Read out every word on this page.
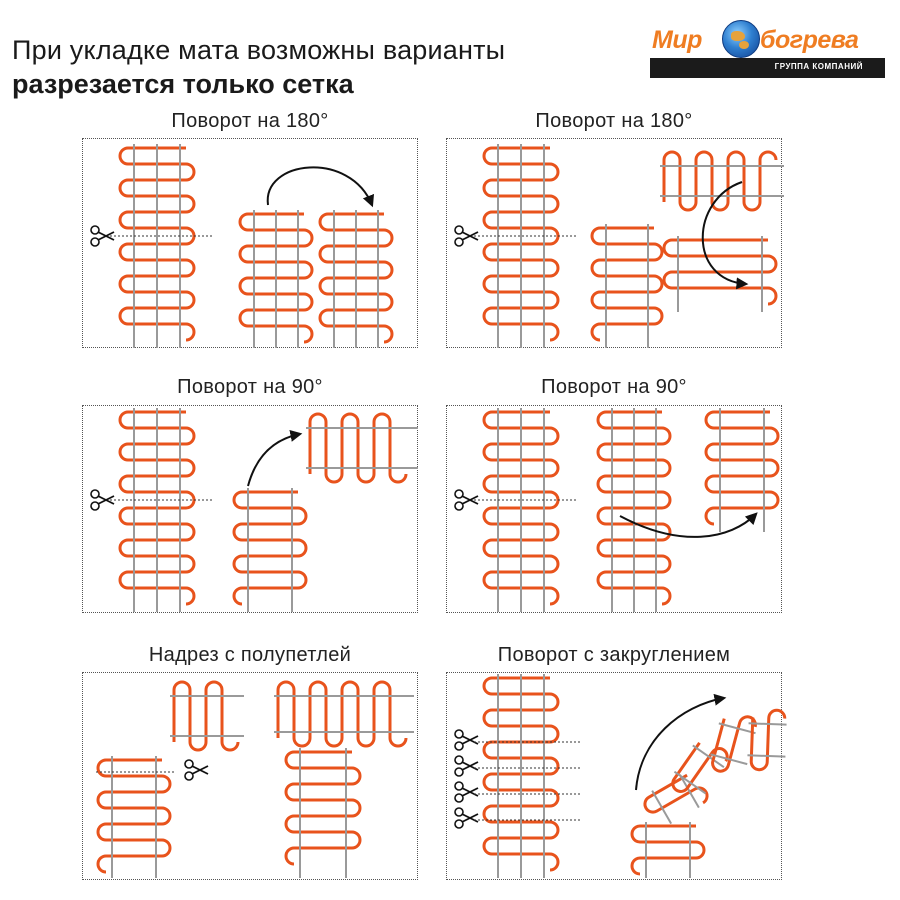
При укладке мата возможны варианты
разрезается только сетка
Мир богрева
ГРУППА КОМПАНИЙ
Поворот на 180°	Поворот на 180°
Поворот на 90°	Поворот на 90°
Надрез с полупетлей	Поворот с закруглением
